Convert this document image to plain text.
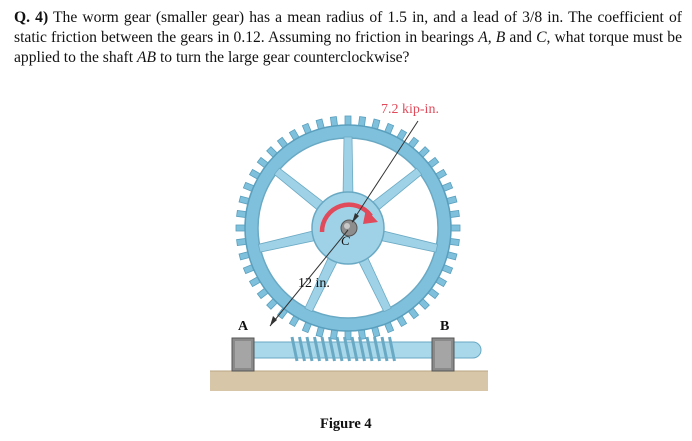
Q. 4) The worm gear (smaller gear) has a mean radius of 1.5 in, and a lead of 3/8 in. The coefficient of static friction between the gears in 0.12. Assuming no friction in bearings A, B and C, what torque must be applied to the shaft AB to turn the large gear counterclockwise?
7.2 kip-in.
12 in.
C
A	B
Figure 4
